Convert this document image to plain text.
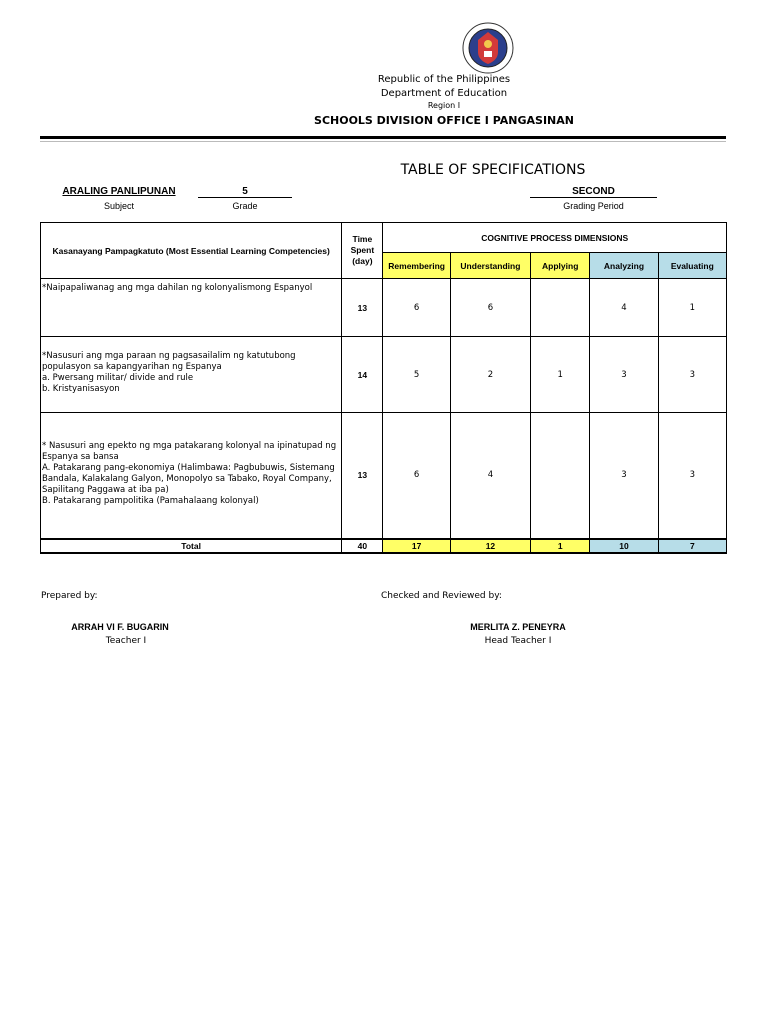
Republic of the Philippines
Department of Education
Region I
SCHOOLS DIVISION OFFICE I PANGASINAN
TABLE OF SPECIFICATIONS
ARALING PANLIPUNAN
Subject
5
Grade
SECOND
Grading Period
Kasanayang Pampagkatuto (Most Essential Learning Competencies)	Time Spent (day)	COGNITIVE PROCESS DIMENSIONS				
		Remembering	Understanding	Applying	Analyzing	Evaluating

*Naipapaliwanag ang mga dahilan ng kolonyalismong Espanyol	13	6	6		4	1

*Nasusuri ang mga paraan ng pagsasailalim ng katutubong populasyon sa kapangyarihan ng Espanya
a. Pwersang militar/ divide and rule
b. Kristyanisasyon	14	5	2	1	3	3

* Nasusuri ang epekto ng mga patakarang kolonyal na ipinatupad ng Espanya sa bansa
A. Patakarang pang-ekonomiya (Halimbawa: Pagbubuwis, Sistemang Bandala, Kalakalang Galyon, Monopolyo sa Tabako, Royal Company, Sapilitang Paggawa at iba pa)
B. Patakarang pampolitika (Pamahalaang kolonyal)	13	6	4		3	3
Total	40	17	12	1	10	7
Prepared by:
ARRAH VI F. BUGARIN
Teacher I
Checked and Reviewed by:
MERLITA Z. PENEYRA
Head Teacher I
